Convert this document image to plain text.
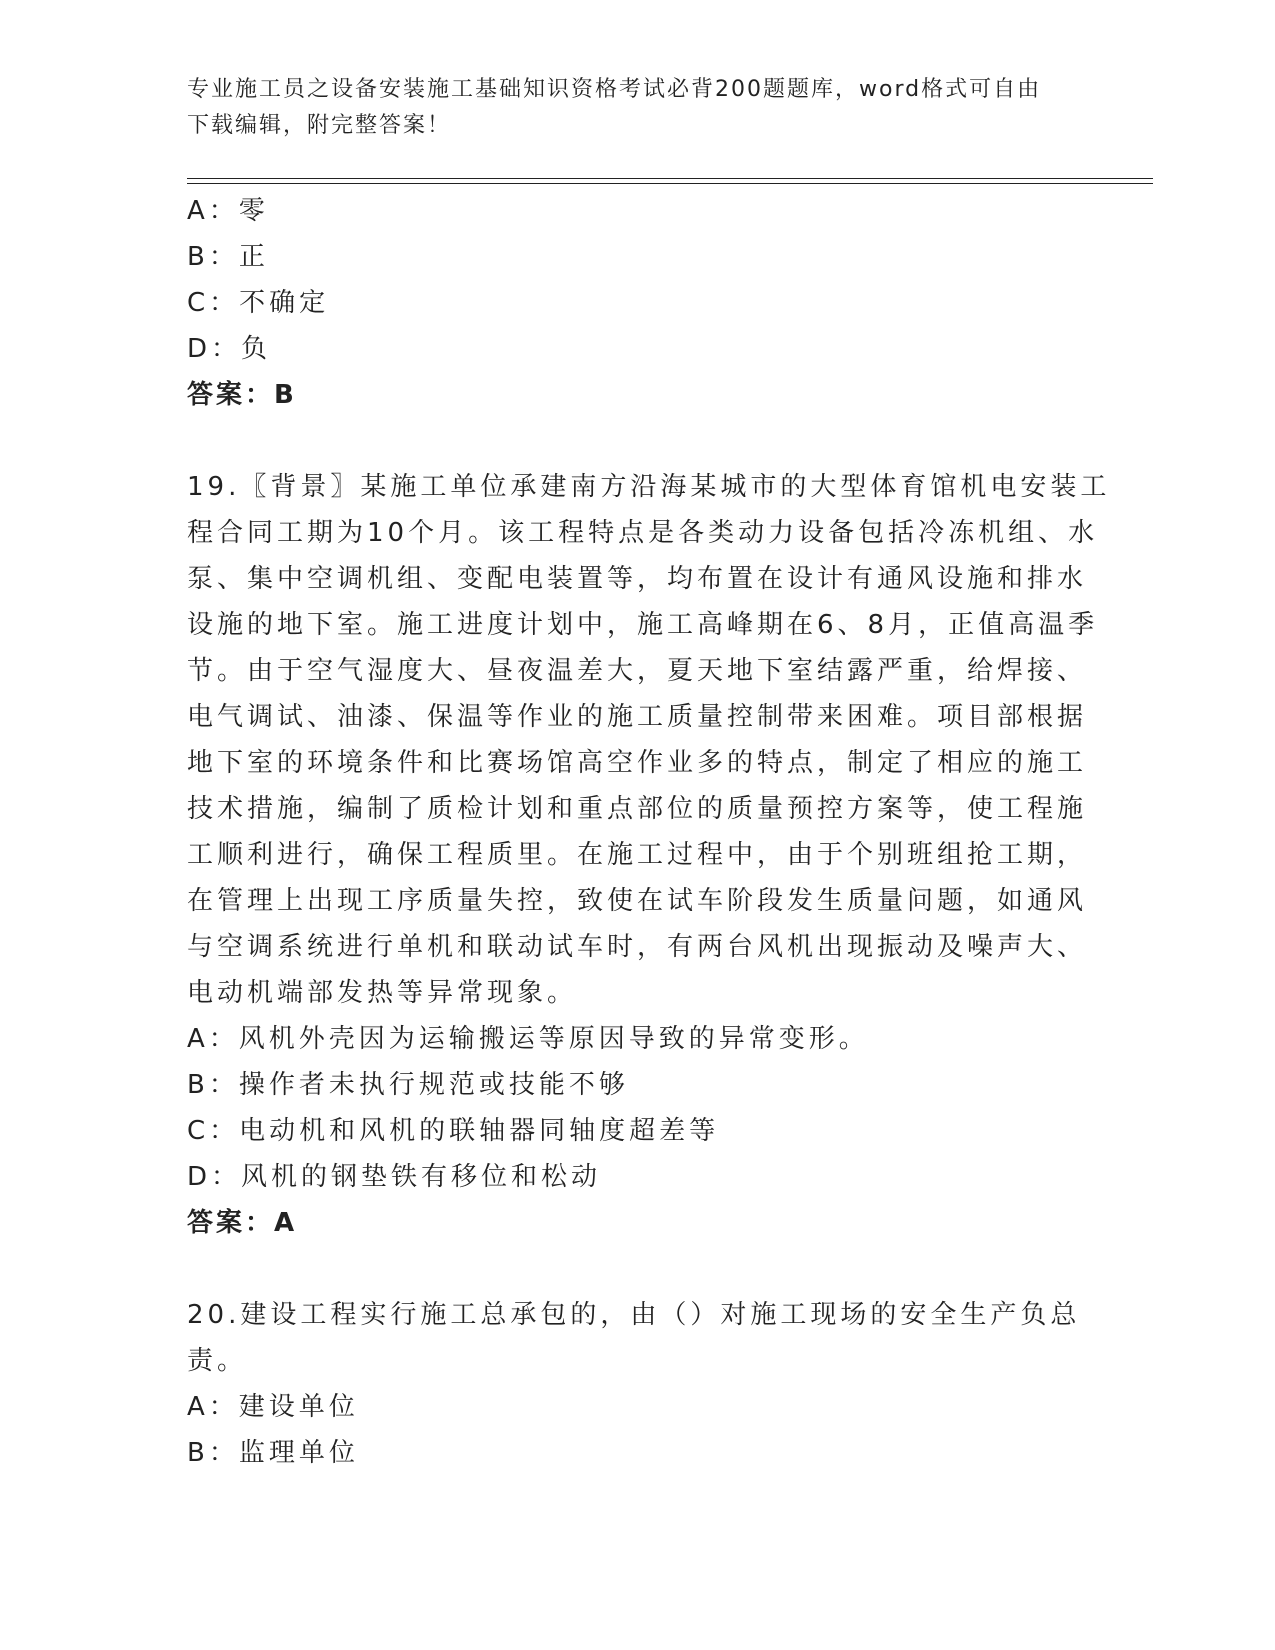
专业施工员之设备安装施工基础知识资格考试必背200题题库，word格式可自由
下载编辑，附完整答案！
A：零
B：正
C：不确定
D：负
答案：B
19.〖背景〗某施工单位承建南方沿海某城市的大型体育馆机电安装工
程合同工期为10个月。该工程特点是各类动力设备包括冷冻机组、水
泵、集中空调机组、变配电装置等，均布置在设计有通风设施和排水
设施的地下室。施工进度计划中，施工高峰期在6、8月，正值高温季
节。由于空气湿度大、昼夜温差大，夏天地下室结露严重，给焊接、
电气调试、油漆、保温等作业的施工质量控制带来困难。项目部根据
地下室的环境条件和比赛场馆高空作业多的特点，制定了相应的施工
技术措施，编制了质检计划和重点部位的质量预控方案等，使工程施
工顺利进行，确保工程质里。在施工过程中，由于个别班组抢工期，
在管理上出现工序质量失控，致使在试车阶段发生质量问题，如通风
与空调系统进行单机和联动试车时，有两台风机出现振动及噪声大、
电动机端部发热等异常现象。
A：风机外壳因为运输搬运等原因导致的异常变形。
B：操作者未执行规范或技能不够
C：电动机和风机的联轴器同轴度超差等
D：风机的钢垫铁有移位和松动
答案：A
20.建设工程实行施工总承包的，由（）对施工现场的安全生产负总
责。
A：建设单位
B：监理单位
